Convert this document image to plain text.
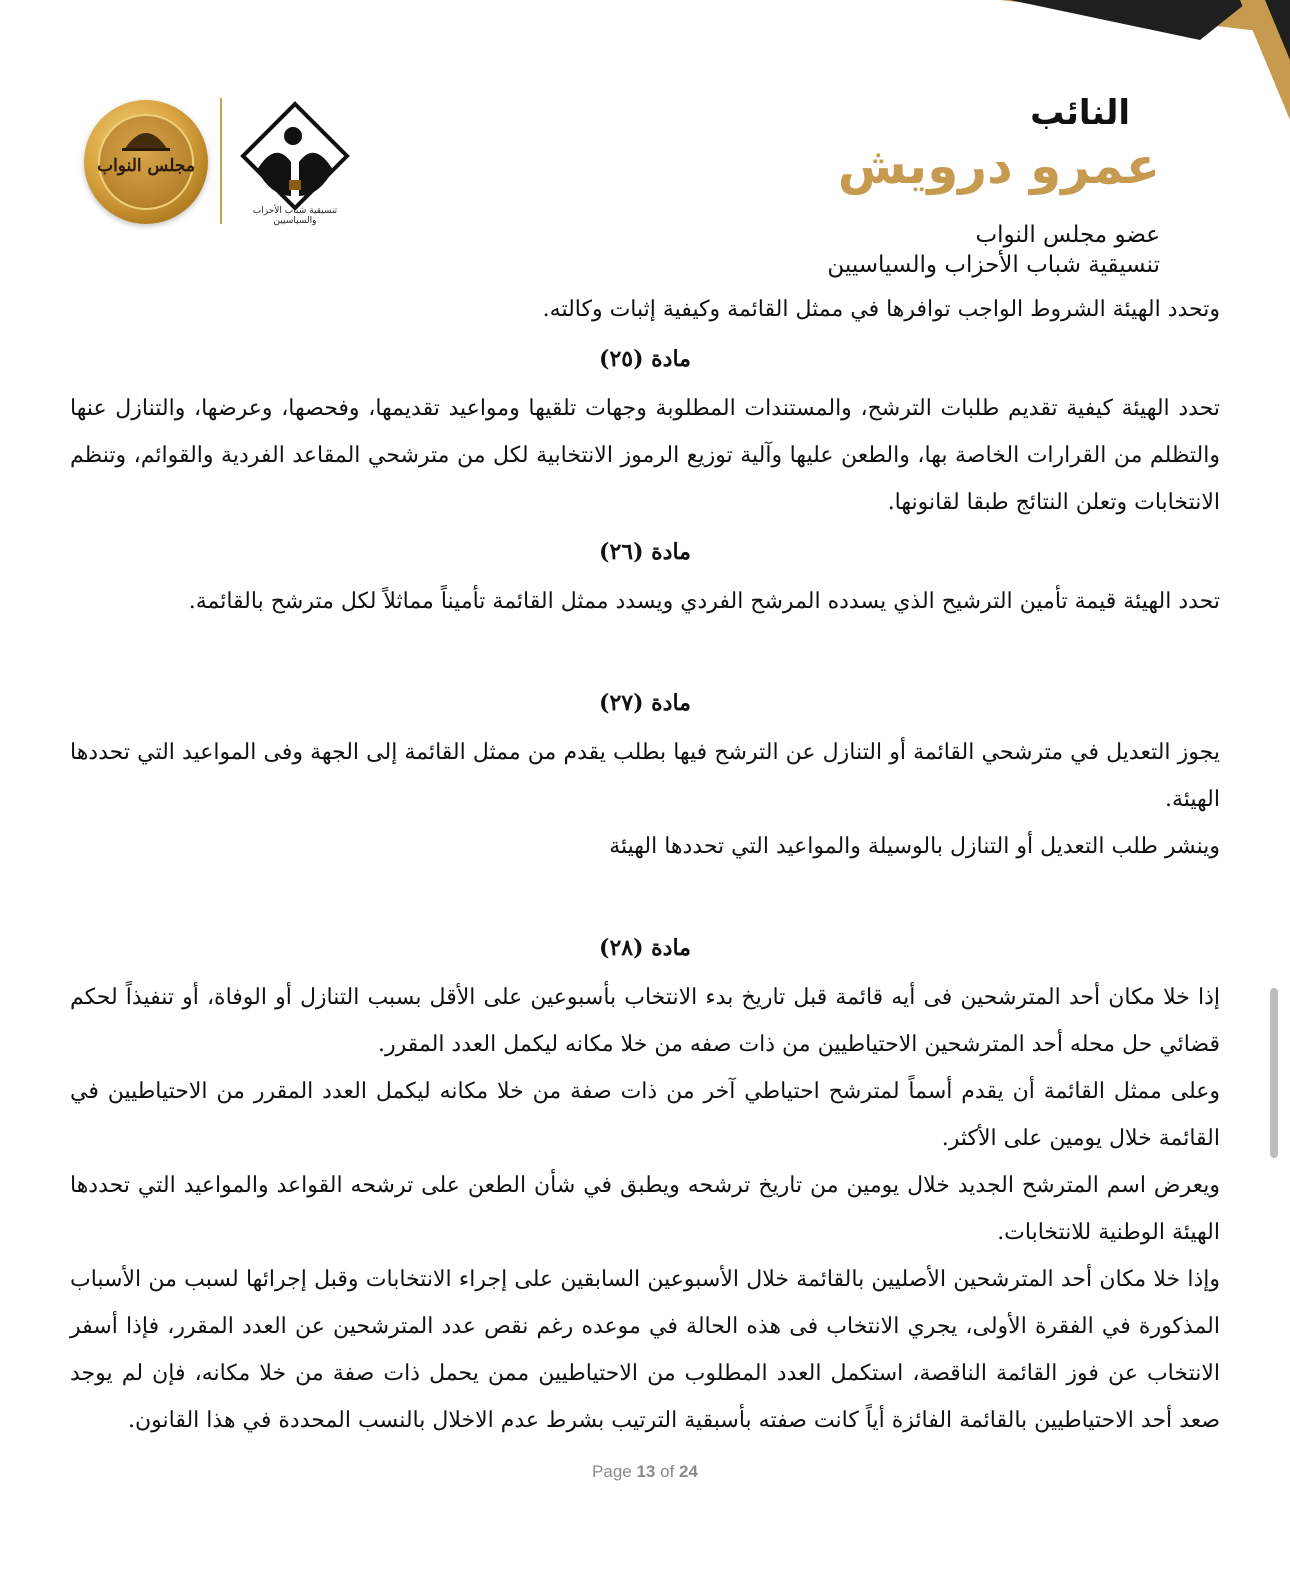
مجلس النواب
تنسيقية شباب الأحزاب والسياسيين
النائب
عمرو درويش
عضو مجلس النواب
تنسيقية شباب الأحزاب والسياسيين
وتحدد الهيئة الشروط الواجب توافرها في ممثل القائمة وكيفية إثبات وكالته.
مادة (٢٥)
تحدد الهيئة كيفية تقديم طلبات الترشح، والمستندات المطلوبة وجهات تلقيها ومواعيد تقديمها، وفحصها، وعرضها، والتنازل عنها والتظلم من القرارات الخاصة بها، والطعن عليها وآلية توزيع الرموز الانتخابية لكل من مترشحي المقاعد الفردية والقوائم، وتنظم الانتخابات وتعلن النتائج طبقا لقانونها.
مادة (٢٦)
تحدد الهيئة قيمة تأمين الترشيح الذي يسدده المرشح الفردي ويسدد ممثل القائمة تأميناً مماثلاً لكل مترشح بالقائمة.
مادة (٢٧)
يجوز التعديل في مترشحي القائمة أو التنازل عن الترشح فيها بطلب يقدم من ممثل القائمة إلى الجهة وفى المواعيد التي تحددها الهيئة.
وينشر طلب التعديل أو التنازل بالوسيلة والمواعيد التي تحددها الهيئة
مادة (٢٨)
إذا خلا مكان أحد المترشحين فى أيه قائمة قبل تاريخ بدء الانتخاب بأسبوعين على الأقل بسبب التنازل أو الوفاة، أو تنفيذاً لحكم قضائي حل محله أحد المترشحين الاحتياطيين من ذات صفه من خلا مكانه ليكمل العدد المقرر.
وعلى ممثل القائمة أن يقدم أسماً لمترشح احتياطي آخر من ذات صفة من خلا مكانه ليكمل العدد المقرر من الاحتياطيين في القائمة خلال يومين على الأكثر.
ويعرض اسم المترشح الجديد خلال يومين من تاريخ ترشحه ويطبق في شأن الطعن على ترشحه القواعد والمواعيد التي تحددها الهيئة الوطنية للانتخابات.
وإذا خلا مكان أحد المترشحين الأصليين بالقائمة خلال الأسبوعين السابقين على إجراء الانتخابات وقبل إجرائها لسبب من الأسباب المذكورة في الفقرة الأولى، يجري الانتخاب فى هذه الحالة في موعده رغم نقص عدد المترشحين عن العدد المقرر، فإذا أسفر الانتخاب عن فوز القائمة الناقصة، استكمل العدد المطلوب من الاحتياطيين ممن يحمل ذات صفة من خلا مكانه، فإن لم يوجد صعد أحد الاحتياطيين بالقائمة الفائزة أياً كانت صفته بأسبقية الترتيب بشرط عدم الاخلال بالنسب المحددة في هذا القانون.
Page 13 of 24
